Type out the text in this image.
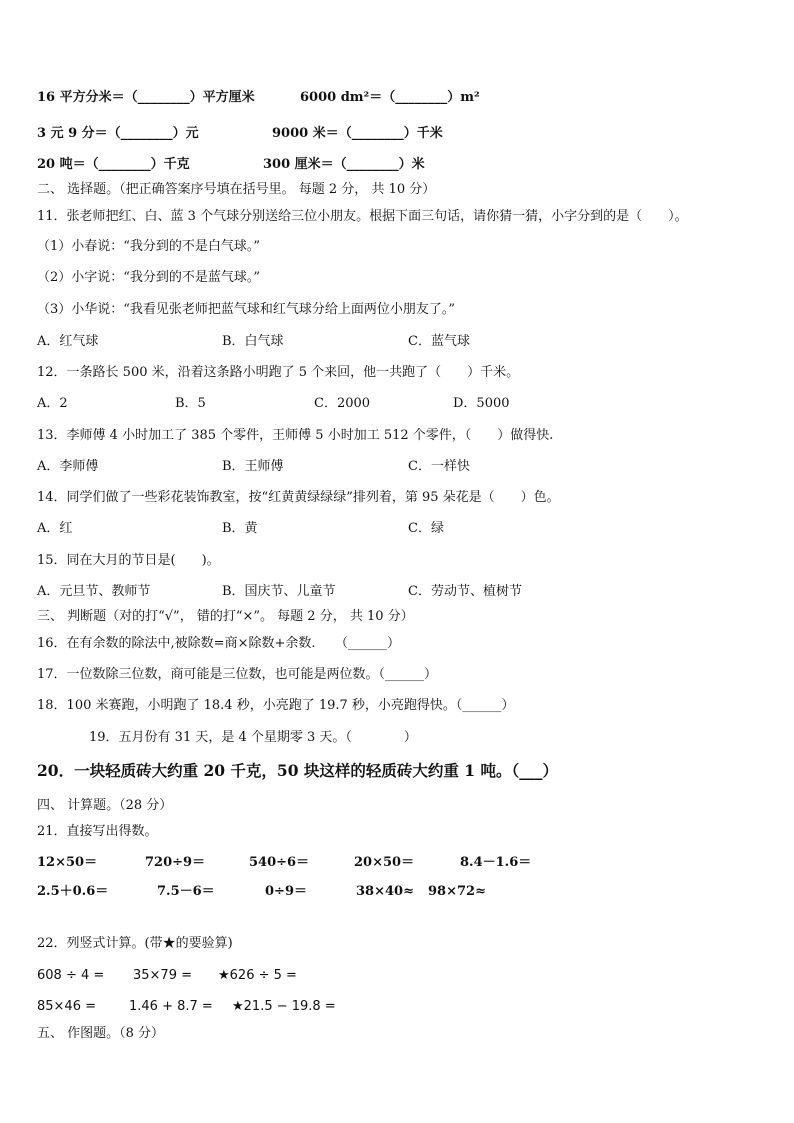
16 平方分米＝（________）平方厘米	6000 dm²＝（________）m²
3 元 9 分＝（________）元	9000 米＝（________）千米
20 吨＝（________）千克	300 厘米＝（________）米
二、 选择题。（把正确答案序号填在括号里。 每题 2 分， 共 10 分）
11．张老师把红、白、蓝 3 个气球分别送给三位小朋友。根据下面三句话，请你猜一猜，小字分到的是（　　）。
（1）小春说：“我分到的不是白气球。”
（2）小字说：“我分到的不是蓝气球。”
（3）小华说：“我看见张老师把蓝气球和红气球分给上面两位小朋友了。”
A．红气球	B．白气球	C．蓝气球
12．一条路长 500 米，沿着这条路小明跑了 5 个来回，他一共跑了（　　）千米。
A．2	B．5	C．2000	D．5000
13．李师傅 4 小时加工了 385 个零件，王师傅 5 小时加工 512 个零件，（　　）做得快.
A．李师傅	B．王师傅	C．一样快
14．同学们做了一些彩花装饰教室，按“红黄黄绿绿绿”排列着，第 95 朵花是（　　）色。
A．红	B．黄	C．绿
15．同在大月的节日是(　　)。
A．元旦节、教师节	B．国庆节、儿童节	C．劳动节、植树节
三、 判断题（对的打“√”， 错的打“×”。 每题 2 分， 共 10 分）
16．在有余数的除法中,被除数=商×除数+余数.　　（______）
17．一位数除三位数，商可能是三位数，也可能是两位数。（______）
18．100 米赛跑，小明跑了 18.4 秒，小亮跑了 19.7 秒，小亮跑得快。（______）
19．五月份有 31 天，是 4 个星期零 3 天。（　　　　）
20．一块轻质砖大约重 20 千克，50 块这样的轻质砖大约重 1 吨。（___）
四、 计算题。（28 分）
21．直接写出得数。
12×50＝	720÷9＝	540÷6＝	20×50＝	8.4－1.6＝
2.5＋0.6＝	7.5－6＝	0÷9＝	38×40≈ 98×72≈
22．列竖式计算。(带★的要验算)
608 ÷ 4 = 35×79 = ★626 ÷ 5 =
85×46 =	1.46 + 8.7 = ★21.5 − 19.8 =
五、 作图题。（8 分）
